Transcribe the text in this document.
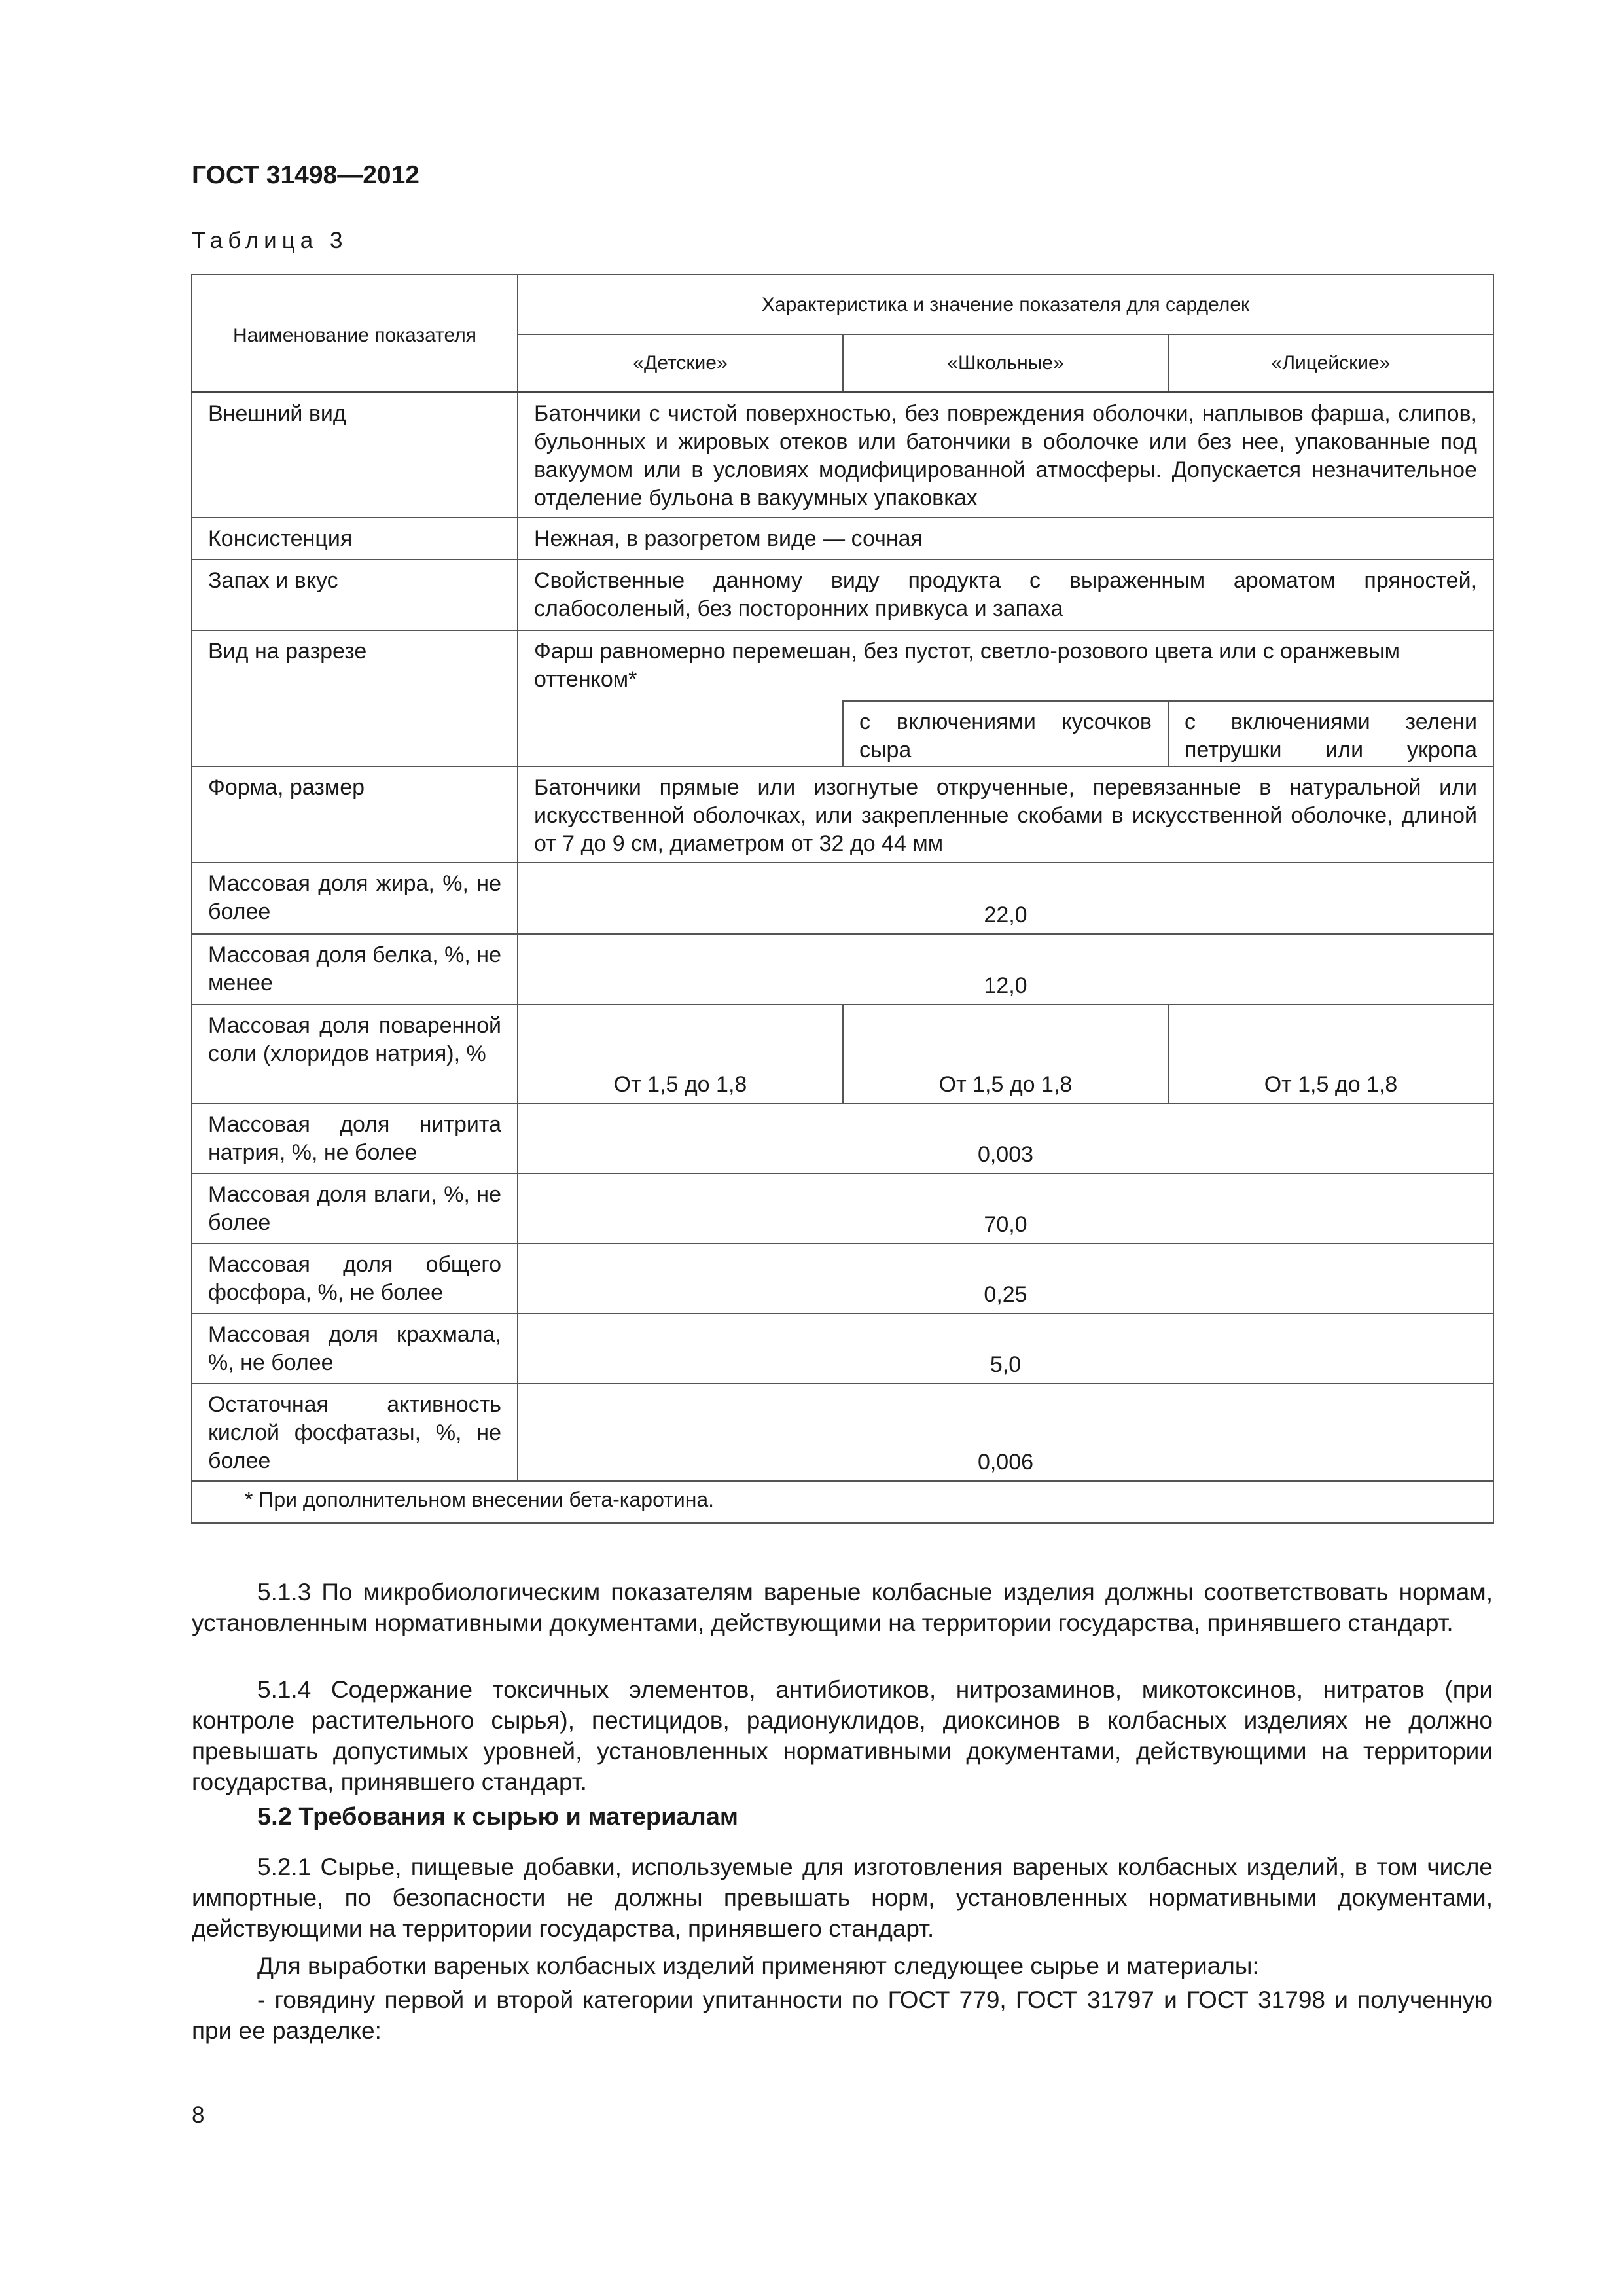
ГОСТ 31498—2012
Таблица 3
Наименование показателя	Характеристика и значение показателя для сарделек		
	«Детские»	«Школьные»	«Лицейские»
Внешний вид	Батончики с чистой поверхностью, без повреждения оболочки, наплывов фарша, слипов, бульонных и жировых отеков или батончики в оболочке или без нее, упакованные под вакуумом или в условиях модифицированной атмосферы. Допускается незначительное отделение бульона в вакуумных упаковках		
Консистенция	Нежная, в разогретом виде — сочная		
Запах и вкус	Свойственные данному виду продукта с выраженным ароматом пряностей, слабосоленый, без посторонних привкуса и запаха		
Вид на разрезе	Фарш равномерно перемешан, без пустот, светло-розового цвета или с оранжевым оттенком*		
		с включениями кусочков сыра	с включениями зелени петрушки или укропа
Форма, размер	Батончики прямые или изогнутые открученные, перевязанные в натуральной или искусственной оболочках, или закрепленные скобами в искусственной оболочке, длиной от 7 до 9 см, диаметром от 32 до 44 мм		
Массовая доля жира, %, не более	22,0		
Массовая доля белка, %, не менее	12,0		
Массовая доля поваренной соли (хлоридов натрия), %	От 1,5 до 1,8	От 1,5 до 1,8	От 1,5 до 1,8
Массовая доля нитрита натрия, %, не более	0,003		
Массовая доля влаги, %, не более	70,0		
Массовая доля общего фосфора, %, не более	0,25		
Массовая доля крахмала, %, не более	5,0		
Остаточная активность кислой фосфатазы, %, не более	0,006		
* При дополнительном внесении бета-каротина.			
5.1.3 По микробиологическим показателям вареные колбасные изделия должны соответствовать нормам, установленным нормативными документами, действующими на территории государства, принявшего стандарт.
5.1.4 Содержание токсичных элементов, антибиотиков, нитрозаминов, микотоксинов, нитратов (при контроле растительного сырья), пестицидов, радионуклидов, диоксинов в колбасных изделиях не должно превышать допустимых уровней, установленных нормативными документами, действующими на территории государства, принявшего стандарт.
5.2 Требования к сырью и материалам
5.2.1 Сырье, пищевые добавки, используемые для изготовления вареных колбасных изделий, в том числе импортные, по безопасности не должны превышать норм, установленных нормативными документами, действующими на территории государства, принявшего стандарт.
Для выработки вареных колбасных изделий применяют следующее сырье и материалы:
- говядину первой и второй категории упитанности по ГОСТ 779, ГОСТ 31797 и ГОСТ 31798 и полученную при ее разделке:
8
